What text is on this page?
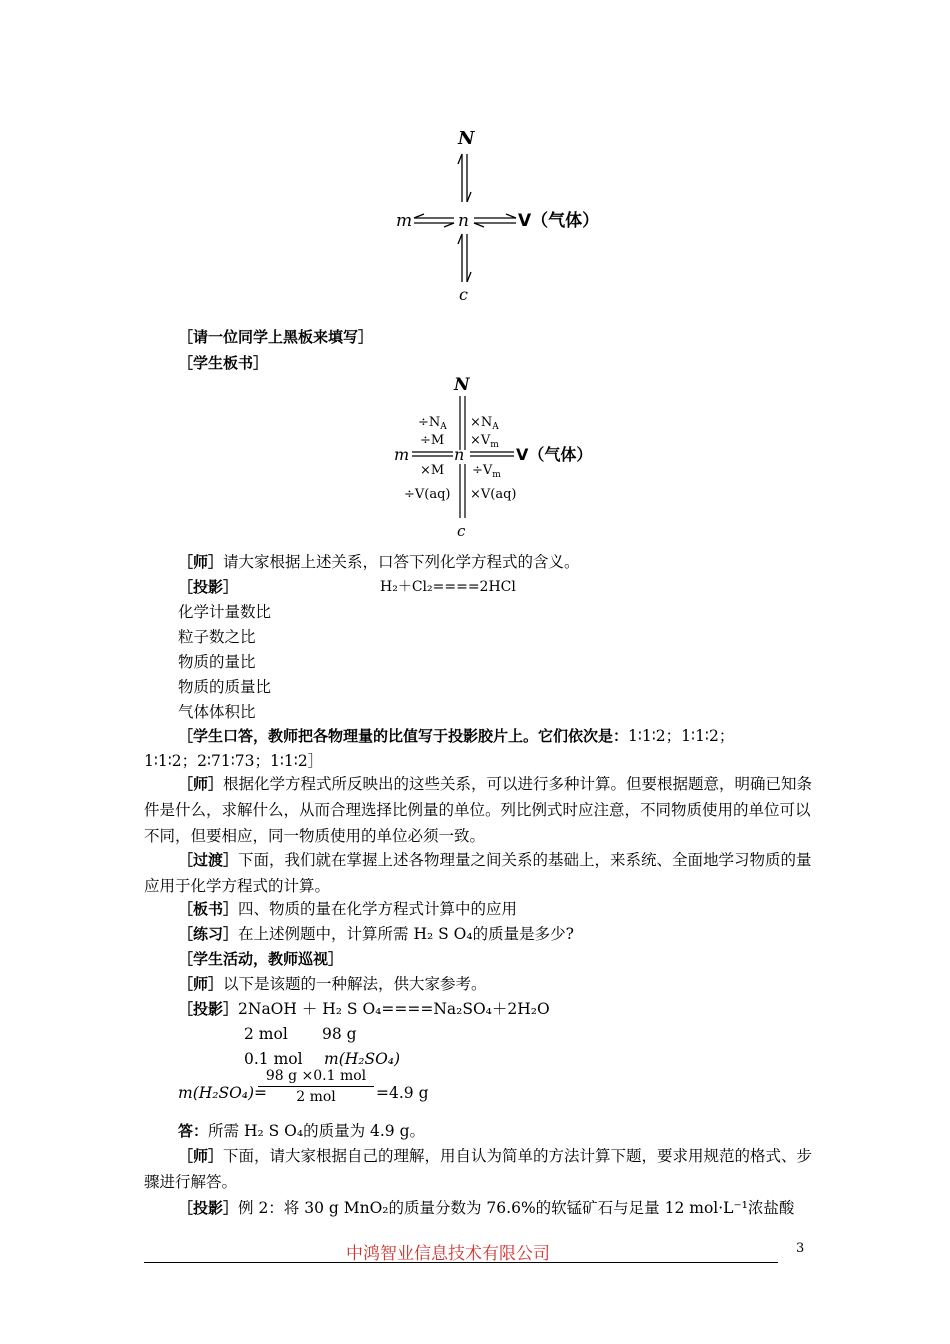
N
m	n	V（气体）
c
［请一位同学上黑板来填写］
［学生板书］
N
$\div N_A \times N_A$
$\div M \times V_m$
m	n	V（气体）
$\times M \div V_m$
÷V(aq) ×V(aq)
c
［师］请大家根据上述关系，口答下列化学方程式的含义。
［投影］	H₂＋Cl₂====2HCl
化学计量数比
粒子数之比
物质的量比
物质的质量比
气体体积比
［学生口答，教师把各物理量的比值写于投影胶片上。它们依次是：1∶1∶2；1∶1∶2；
1∶1∶2；2∶71∶73；1∶1∶2］
［师］根据化学方程式所反映出的这些关系，可以进行多种计算。但要根据题意，明确已知条件是什么，求解什么，从而合理选择比例量的单位。列比例式时应注意，不同物质使用的单位可以不同，但要相应，同一物质使用的单位必须一致。
［过渡］下面，我们就在掌握上述各物理量之间关系的基础上，来系统、全面地学习物质的量应用于化学方程式的计算。
［板书］四、物质的量在化学方程式计算中的应用
［练习］在上述例题中，计算所需 H₂ S O₄的质量是多少?
［学生活动，教师巡视］
［师］以下是该题的一种解法，供大家参考。
［投影］2NaOH ＋ H₂ S O₄====Na₂SO₄＋2H₂O
2 mol 98 g
0.1 mol m(H₂SO₄)
m(H₂SO₄)=
98 g ×0.1 mol
2 mol	=4.9 g
答：所需 H₂ S O₄的质量为 4.9 g。
［师］下面，请大家根据自己的理解，用自认为简单的方法计算下题，要求用规范的格式、步骤进行解答。
［投影］例 2：将 30 g MnO₂的质量分数为 76.6%的软锰矿石与足量 12 mol·L⁻¹浓盐酸
中鸿智业信息技术有限公司	3
